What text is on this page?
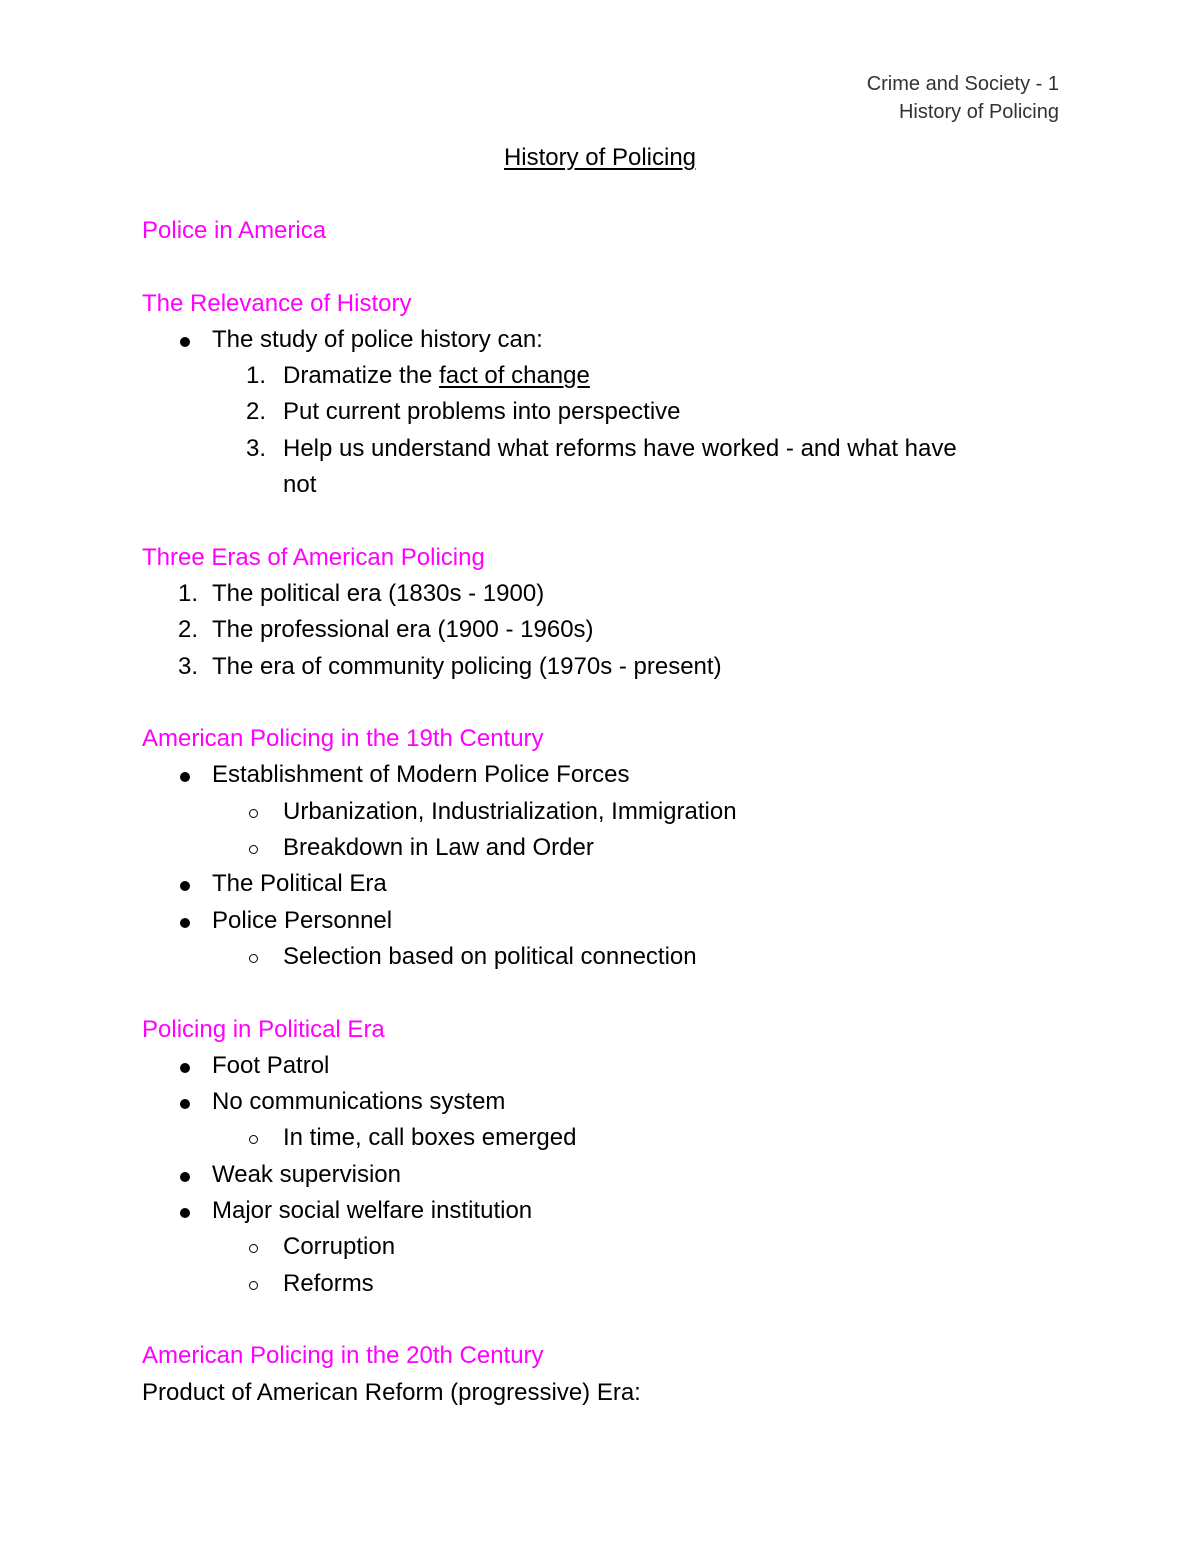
Crime and Society - 1
History of Policing
History of Policing

Police in America

The Relevance of History

The study of police history can:
1. Dramatize the fact of change
2. Put current problems into perspective
3. Help us understand what reforms have worked - and what have
not

Three Eras of American Policing

1. The political era (1830s - 1900)
2. The professional era (1900 - 1960s)
3. The era of community policing (1970s - present)

American Policing in the 19th Century

Establishment of Modern Police Forces
Urbanization, Industrialization, Immigration
Breakdown in Law and Order
The Political Era
Police Personnel
Selection based on political connection

Policing in Political Era

Foot Patrol
No communications system
In time, call boxes emerged
Weak supervision
Major social welfare institution
Corruption
Reforms

American Policing in the 20th Century

Product of American Reform (progressive) Era:
